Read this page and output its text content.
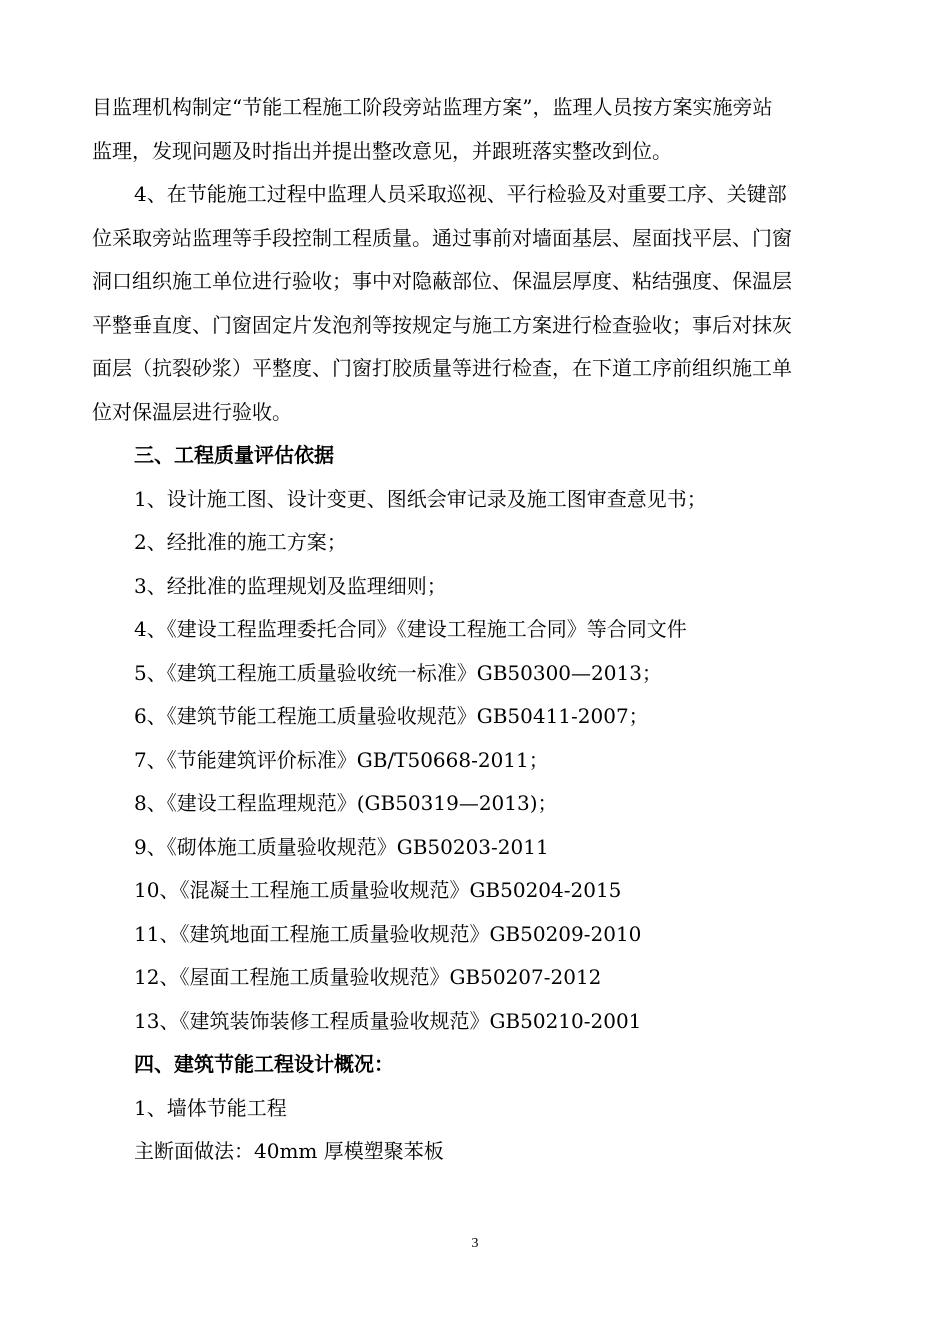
目监理机构制定“节能工程施工阶段旁站监理方案”，监理人员按方案实施旁站

监理，发现问题及时指出并提出整改意见，并跟班落实整改到位。

4、在节能施工过程中监理人员采取巡视、平行检验及对重要工序、关键部

位采取旁站监理等手段控制工程质量。通过事前对墙面基层、屋面找平层、门窗

洞口组织施工单位进行验收；事中对隐蔽部位、保温层厚度、粘结强度、保温层

平整垂直度、门窗固定片发泡剂等按规定与施工方案进行检查验收；事后对抹灰

面层（抗裂砂浆）平整度、门窗打胶质量等进行检查，在下道工序前组织施工单

位对保温层进行验收。

三、工程质量评估依据

1、设计施工图、设计变更、图纸会审记录及施工图审查意见书；

2、经批准的施工方案；

3、经批准的监理规划及监理细则；

4、《建设工程监理委托合同》《建设工程施工合同》等合同文件

5、《建筑工程施工质量验收统一标准》GB50300—2013；

6、《建筑节能工程施工质量验收规范》GB50411-2007；

7、《节能建筑评价标准》GB/T50668-2011；

8、《建设工程监理规范》(GB50319—2013)；

9、《砌体施工质量验收规范》GB50203-2011

10、《混凝土工程施工质量验收规范》GB50204-2015

11、《建筑地面工程施工质量验收规范》GB50209-2010

12、《屋面工程施工质量验收规范》GB50207-2012

13、《建筑装饰装修工程质量验收规范》GB50210-2001

四、建筑节能工程设计概况：

1、墙体节能工程

主断面做法：40mm 厚模塑聚苯板

3
